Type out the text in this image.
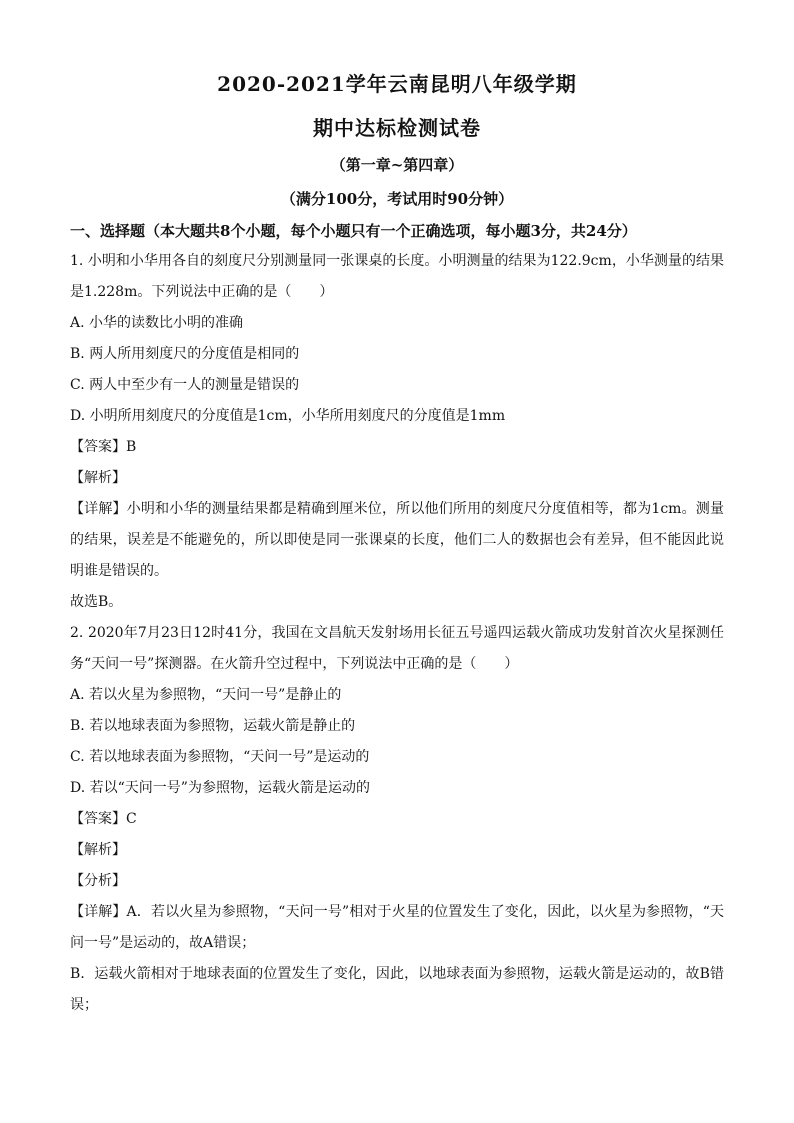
2020-2021学年云南昆明八年级学期
期中达标检测试卷
（第一章~第四章）
（满分100分，考试用时90分钟）
一、选择题（本大题共8个小题，每个小题只有一个正确选项，每小题3分，共24分）

1. 小明和小华用各自的刻度尺分别测量同一张课桌的长度。小明测量的结果为122.9cm，小华测量的结果是1.228m。下列说法中正确的是（　　）

A. 小华的读数比小明的准确
B. 两人所用刻度尺的分度值是相同的
C. 两人中至少有一人的测量是错误的
D. 小明所用刻度尺的分度值是1cm，小华所用刻度尺的分度值是1mm
【答案】B
【解析】

【详解】小明和小华的测量结果都是精确到厘米位，所以他们所用的刻度尺分度值相等，都为1cm。测量的结果，误差是不能避免的，所以即使是同一张课桌的长度，他们二人的数据也会有差异，但不能因此说明谁是错误的。

故选B。

2. 2020年7月23日12时41分，我国在文昌航天发射场用长征五号遥四运载火箭成功发射首次火星探测任务“天问一号”探测器。在火箭升空过程中，下列说法中正确的是（　　）

A. 若以火星为参照物，“天问一号”是静止的
B. 若以地球表面为参照物，运载火箭是静止的
C. 若以地球表面为参照物，“天问一号”是运动的
D. 若以“天问一号”为参照物，运载火箭是运动的
【答案】C
【解析】
【分析】

【详解】A．若以火星为参照物，“天问一号”相对于火星的位置发生了变化，因此，以火星为参照物，“天问一号”是运动的，故A错误；

B．运载火箭相对于地球表面的位置发生了变化，因此，以地球表面为参照物，运载火箭是运动的，故B错误；
